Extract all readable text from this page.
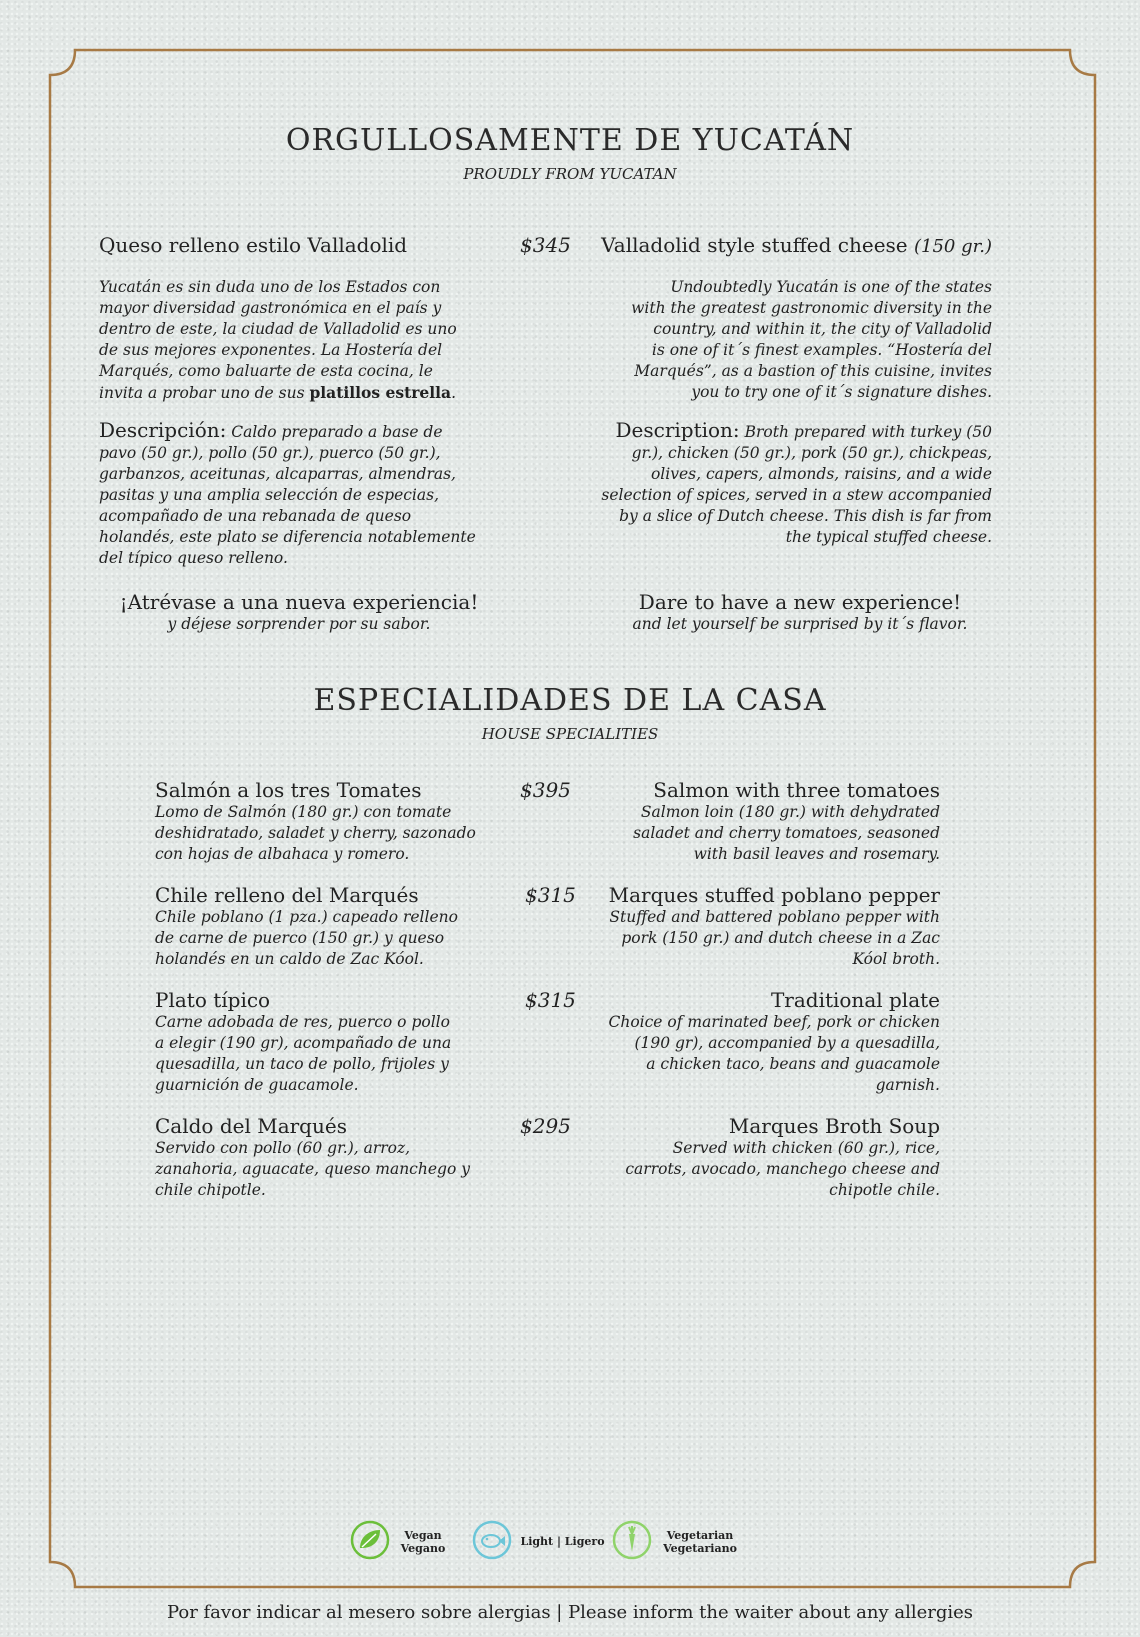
ORGULLOSAMENTE DE YUCATÁN
PROUDLY FROM YUCATAN
Queso relleno estilo Valladolid	$345	Valladolid style stuffed cheese (150 gr.)
Yucatán es sin duda uno de los Estados con
mayor diversidad gastronómica en el país y
dentro de este, la ciudad de Valladolid es uno
de sus mejores exponentes. La Hostería del
Marqués, como baluarte de esta cocina, le
invita a probar uno de sus platillos estrella.
Undoubtedly Yucatán is one of the states
with the greatest gastronomic diversity in the
country, and within it, the city of Valladolid
is one of it´s finest examples. “Hostería del
Marqués”, as a bastion of this cuisine, invites
you to try one of it´s signature dishes.
Descripción: Caldo preparado a base de
pavo (50 gr.), pollo (50 gr.), puerco (50 gr.),
garbanzos, aceitunas, alcaparras, almendras,
pasitas y una amplia selección de especias,
acompañado de una rebanada de queso
holandés, este plato se diferencia notablemente
del típico queso relleno.
Description: Broth prepared with turkey (50
gr.), chicken (50 gr.), pork (50 gr.), chickpeas,
olives, capers, almonds, raisins, and a wide
selection of spices, served in a stew accompanied
by a slice of Dutch cheese. This dish is far from
the typical stuffed cheese.
¡Atrévase a una nueva experiencia!
y déjese sorprender por su sabor.
Dare to have a new experience!
and let yourself be surprised by it´s flavor.
ESPECIALIDADES DE LA CASA
HOUSE SPECIALITIES
Salmón a los tres Tomates	$395	Salmon with three tomatoes
Lomo de Salmón (180 gr.) con tomate
deshidratado, saladet y cherry, sazonado
con hojas de albahaca y romero.
Salmon loin (180 gr.) with dehydrated
saladet and cherry tomatoes, seasoned
with basil leaves and rosemary.
Chile relleno del Marqués	$315	Marques stuffed poblano pepper
Chile poblano (1 pza.) capeado relleno
de carne de puerco (150 gr.) y queso
holandés en un caldo de Zac Kóol.
Stuffed and battered poblano pepper with
pork (150 gr.) and dutch cheese in a Zac
Kóol broth.
Plato típico	$315	Traditional plate
Carne adobada de res, puerco o pollo
a elegir (190 gr), acompañado de una
quesadilla, un taco de pollo, frijoles y
guarnición de guacamole.
Choice of marinated beef, pork or chicken
(190 gr), accompanied by a quesadilla,
a chicken taco, beans and guacamole
garnish.
Caldo del Marqués	$295	Marques Broth Soup
Servido con pollo (60 gr.), arroz,
zanahoria, aguacate, queso manchego y
chile chipotle.
Served with chicken (60 gr.), rice,
carrots, avocado, manchego cheese and
chipotle chile.
Vegan
Vegano
Light | Ligero	Vegetarian
Vegetariano
Por favor indicar al mesero sobre alergias | Please inform the waiter about any allergies
